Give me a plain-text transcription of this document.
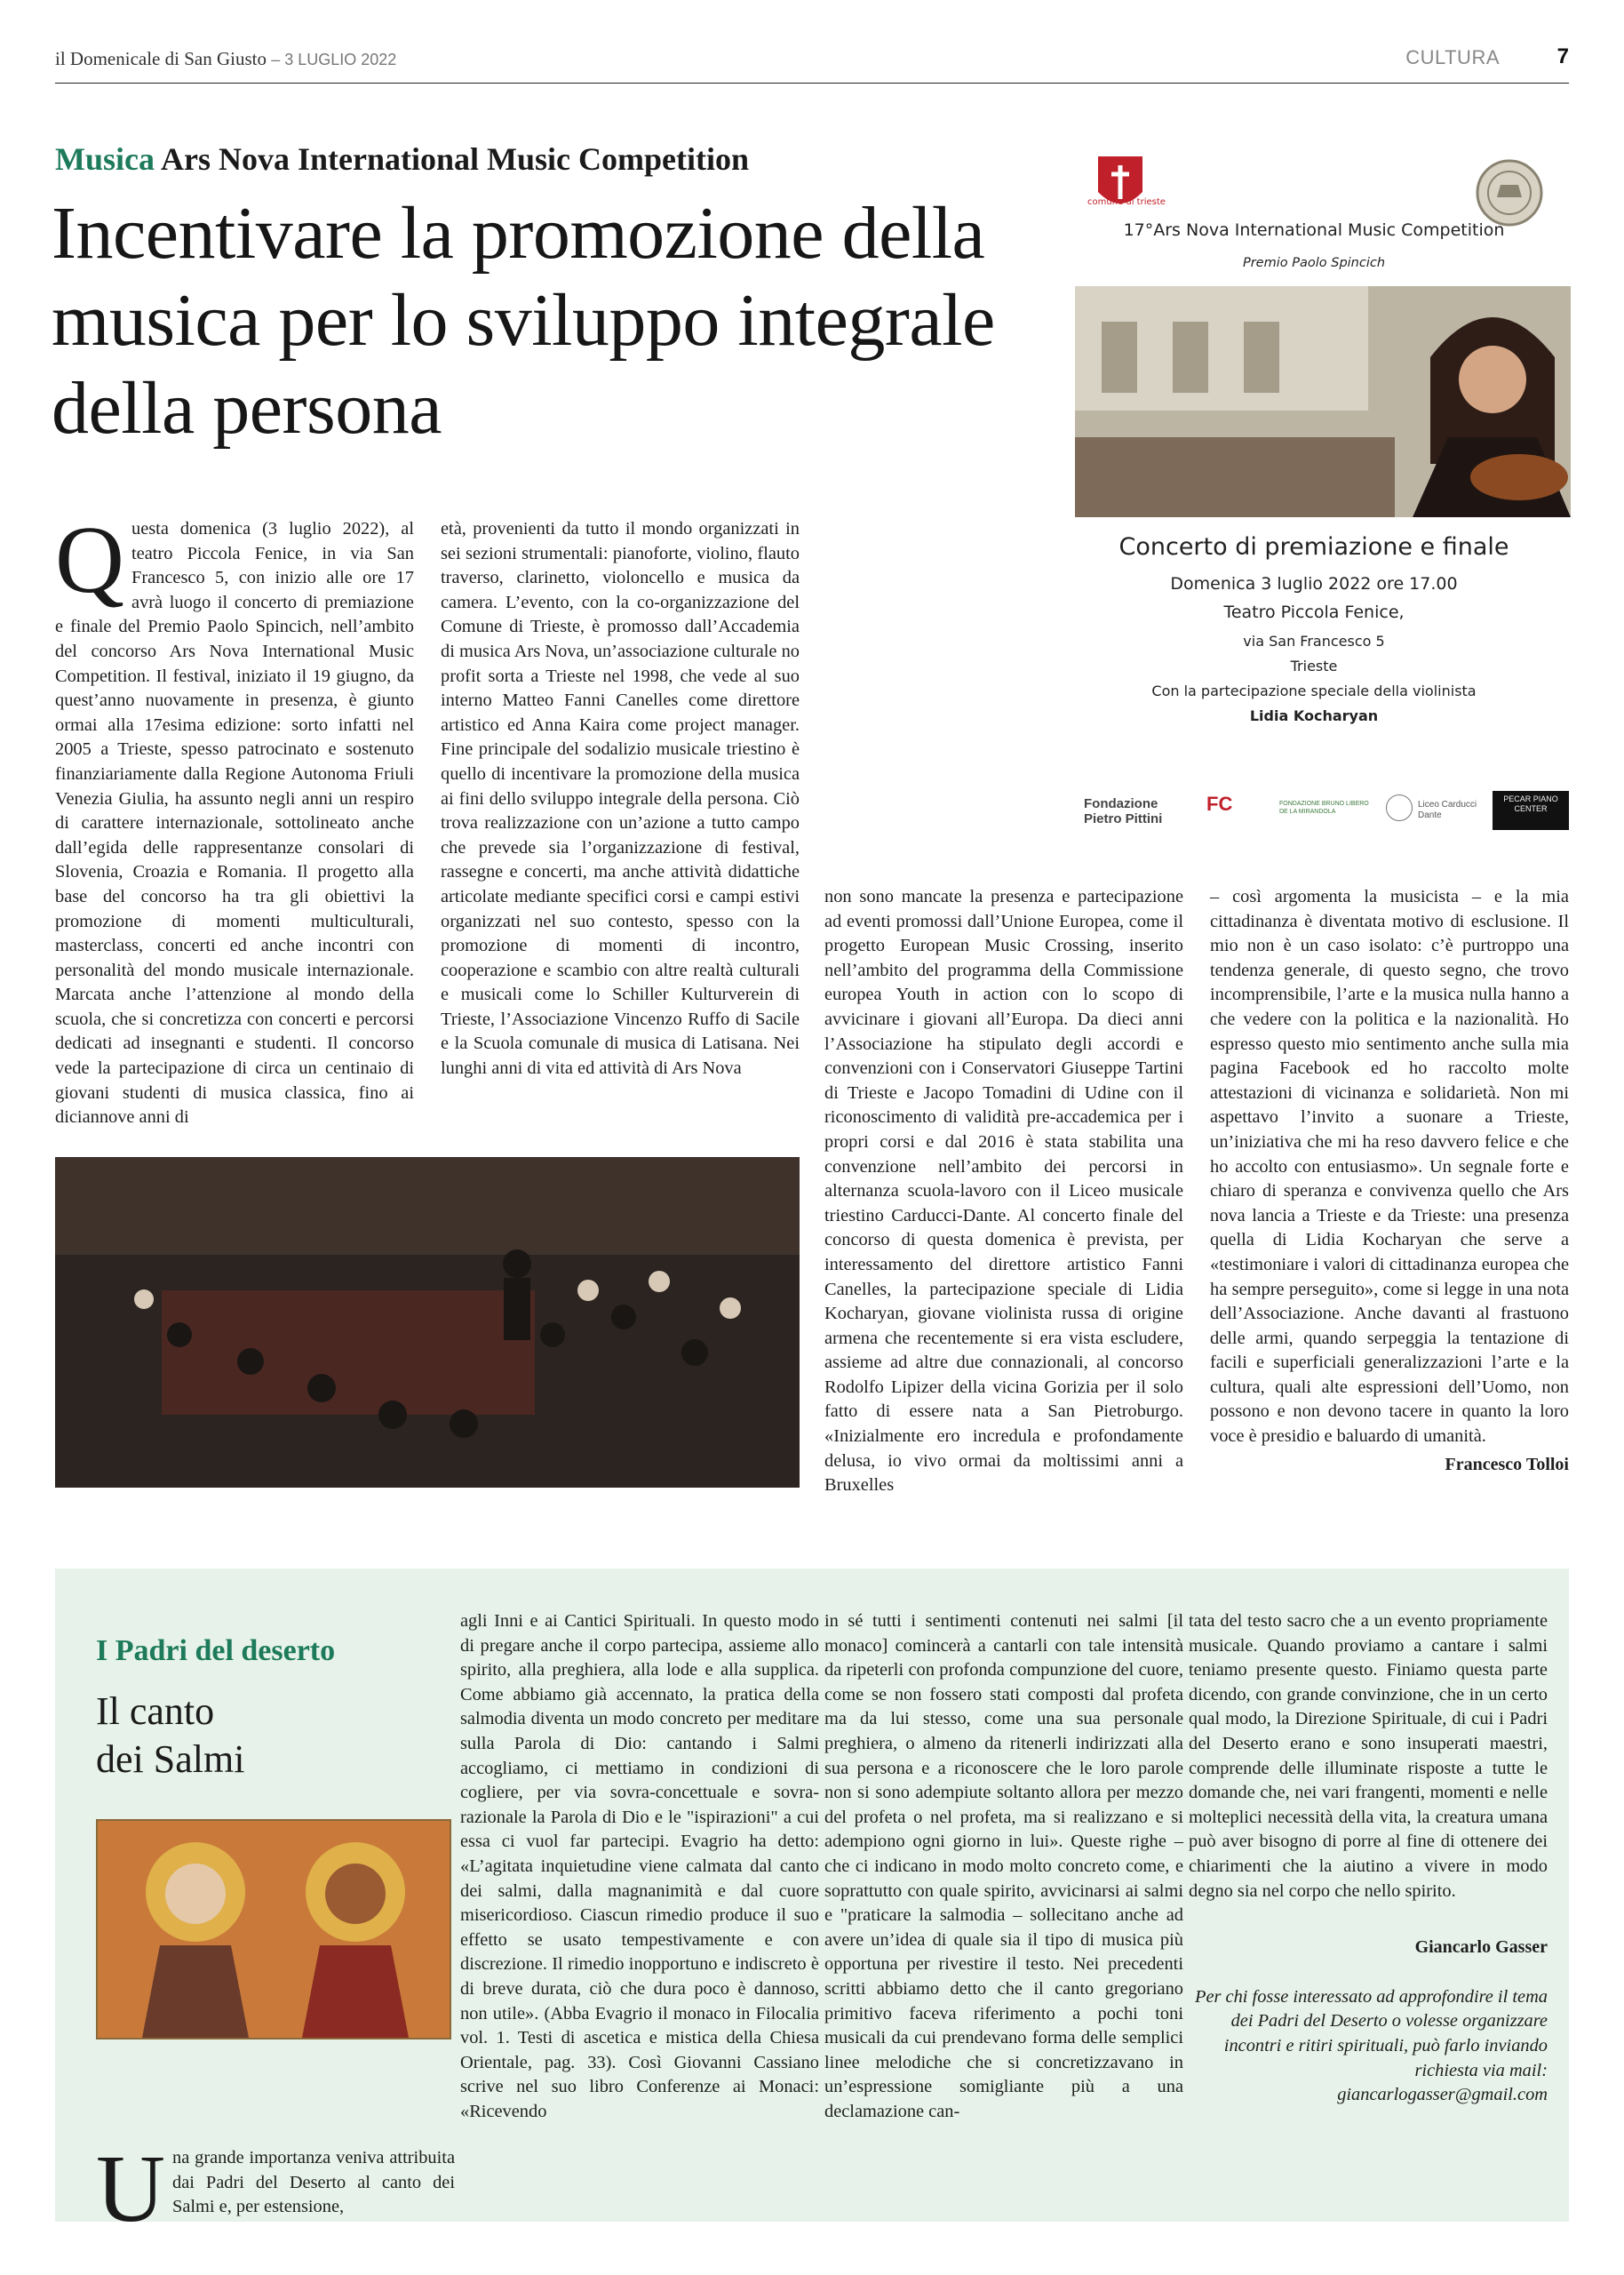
il Domenicale di San Giusto – 3 LUGLIO 2022	CULTURA	7
Musica Ars Nova International Music Competition
Incentivare la promozione della musica per lo sviluppo integrale della persona
comune di trieste
17°Ars Nova International Music Competition
Premio Paolo Spincich
Concerto di premiazione e finale
Domenica 3 luglio 2022 ore 17.00
Teatro Piccola Fenice,
via San Francesco 5
Trieste
Con la partecipazione speciale della violinista
Lidia Kocharyan
Fondazione Pietro Pittini
FC	FONDAZIONE BRUNO LIBERO DE LA MIRANDOLA
Liceo Carducci Dante
PECAR PIANO CENTER
Q uesta domenica (3 luglio 2022), al teatro Piccola Fenice, in via San Francesco 5, con inizio alle ore 17 avrà luogo il concerto di premiazione e finale del Premio Paolo Spincich, nell’ambito del concorso Ars Nova International Music Competition. Il festival, iniziato il 19 giugno, da quest’anno nuovamente in presenza, è giunto ormai alla 17esima edizione: sorto infatti nel 2005 a Trieste, spesso patrocinato e sostenuto finanziariamente dalla Regione Autonoma Friuli Venezia Giulia, ha assunto negli anni un respiro di carattere internazionale, sottolineato anche dall’egida delle rappresentanze consolari di Slovenia, Croazia e Romania. Il progetto alla base del concorso ha tra gli obiettivi la promozione di momenti multiculturali, masterclass, concerti ed anche incontri con personalità del mondo musicale internazionale. Marcata anche l’attenzione al mondo della scuola, che si concretizza con concerti e percorsi dedicati ad insegnanti e studenti. Il concorso vede la partecipazione di circa un centinaio di giovani studenti di musica classica, fino ai diciannove anni di
età, provenienti da tutto il mondo organizzati in sei sezioni strumentali: pianoforte, violino, flauto traverso, clarinetto, violoncello e musica da camera. L’evento, con la co-organizzazione del Comune di Trieste, è promosso dall’Accademia di musica Ars Nova, un’associazione culturale no profit sorta a Trieste nel 1998, che vede al suo interno Matteo Fanni Canelles come direttore artistico ed Anna Kaira come project manager. Fine principale del sodalizio musicale triestino è quello di incentivare la promozione della musica ai fini dello sviluppo integrale della persona. Ciò trova realizzazione con un’azione a tutto campo che prevede sia l’organizzazione di festival, rassegne e concerti, ma anche attività didattiche articolate mediante specifici corsi e campi estivi organizzati nel suo contesto, spesso con la promozione di momenti di incontro, cooperazione e scambio con altre realtà culturali e musicali come lo Schiller Kulturverein di Trieste, l’Associazione Vincenzo Ruffo di Sacile e la Scuola comunale di musica di Latisana. Nei lunghi anni di vita ed attività di Ars Nova
non sono mancate la presenza e partecipazione ad eventi promossi dall’Unione Europea, come il progetto European Music Crossing, inserito nell’ambito del programma della Commissione europea Youth in action con lo scopo di avvicinare i giovani all’Europa. Da dieci anni l’Associazione ha stipulato degli accordi e convenzioni con i Conservatori Giuseppe Tartini di Trieste e Jacopo Tomadini di Udine con il riconoscimento di validità pre-accademica per i propri corsi e dal 2016 è stata stabilita una convenzione nell’ambito dei percorsi in alternanza scuola-lavoro con il Liceo musicale triestino Carducci-Dante. Al concerto finale del concorso di questa domenica è prevista, per interessamento del direttore artistico Fanni Canelles, la partecipazione speciale di Lidia Kocharyan, giovane violinista russa di origine armena che recentemente si era vista escludere, assieme ad altre due connazionali, al concorso Rodolfo Lipizer della vicina Gorizia per il solo fatto di essere nata a San Pietroburgo. «Inizialmente ero incredula e profondamente delusa, io vivo ormai da moltissimi anni a Bruxelles
– così argomenta la musicista – e la mia cittadinanza è diventata motivo di esclusione. Il mio non è un caso isolato: c’è purtroppo una tendenza generale, di questo segno, che trovo incomprensibile, l’arte e la musica nulla hanno a che vedere con la politica e la nazionalità. Ho espresso questo mio sentimento anche sulla mia pagina Facebook ed ho raccolto molte attestazioni di vicinanza e solidarietà. Non mi aspettavo l’invito a suonare a Trieste, un’iniziativa che mi ha reso davvero felice e che ho accolto con entusiasmo». Un segnale forte e chiaro di speranza e convivenza quello che Ars nova lancia a Trieste e da Trieste: una presenza quella di Lidia Kocharyan che serve a «testimoniare i valori di cittadinanza europea che ha sempre perseguito», come si legge in una nota dell’Associazione. Anche davanti al frastuono delle armi, quando serpeggia la tentazione di facili e superficiali generalizzazioni l’arte e la cultura, quali alte espressioni dell’Uomo, non possono e non devono tacere in quanto la loro voce è presidio e baluardo di umanità.
Francesco Tolloi
I Padri del deserto
Il canto
dei Salmi
U na grande importanza veniva attribuita dai Padri del Deserto al canto dei Salmi e, per estensione,
agli Inni e ai Cantici Spirituali. In questo modo di pregare anche il corpo partecipa, assieme allo spirito, alla preghiera, alla lode e alla supplica. Come abbiamo già accennato, la pratica della salmodia diventa un modo concreto per meditare sulla Parola di Dio: cantando i Salmi accogliamo, ci mettiamo in condizioni di cogliere, per via sovra-concettuale e sovra-razionale la Parola di Dio e le "ispirazioni" a cui essa ci vuol far partecipi. Evagrio ha detto: «L’agitata inquietudine viene calmata dal canto dei salmi, dalla magnanimità e dal cuore misericordioso. Ciascun rimedio produce il suo effetto se usato tempestivamente e con discrezione. Il rimedio inopportuno e indiscreto è di breve durata, ciò che dura poco è dannoso, non utile». (Abba Evagrio il monaco in Filocalia vol. 1. Testi di ascetica e mistica della Chiesa Orientale, pag. 33). Così Giovanni Cassiano scrive nel suo libro Conferenze ai Monaci: «Ricevendo
in sé tutti i sentimenti contenuti nei salmi [il monaco] comincerà a cantarli con tale intensità da ripeterli con profonda compunzione del cuore, come se non fossero stati composti dal profeta ma da lui stesso, come una sua personale preghiera, o almeno da ritenerli indirizzati alla sua persona e a riconoscere che le loro parole non si sono adempiute soltanto allora per mezzo del profeta o nel profeta, ma si realizzano e si adempiono ogni giorno in lui». Queste righe – che ci indicano in modo molto concreto come, e soprattutto con quale spirito, avvicinarsi ai salmi e "praticare la salmodia – sollecitano anche ad avere un’idea di quale sia il tipo di musica più opportuna per rivestire il testo. Nei precedenti scritti abbiamo detto che il canto gregoriano primitivo faceva riferimento a pochi toni musicali da cui prendevano forma delle semplici linee melodiche che si concretizzavano in un’espressione somigliante più a una declamazione can-
tata del testo sacro che a un evento propriamente musicale. Quando proviamo a cantare i salmi teniamo presente questo. Finiamo questa parte dicendo, con grande convinzione, che in un certo qual modo, la Direzione Spirituale, di cui i Padri del Deserto erano e sono insuperati maestri, comprende delle illuminate risposte a tutte le domande che, nei vari frangenti, momenti e nelle molteplici necessità della vita, la creatura umana può aver bisogno di porre al fine di ottenere dei chiarimenti che la aiutino a vivere in modo degno sia nel corpo che nello spirito.
Giancarlo Gasser
Per chi fosse interessato ad approfondire il tema dei Padri del Deserto o volesse organizzare incontri e ritiri spirituali, può farlo inviando richiesta via mail:
giancarlogasser@gmail.com
